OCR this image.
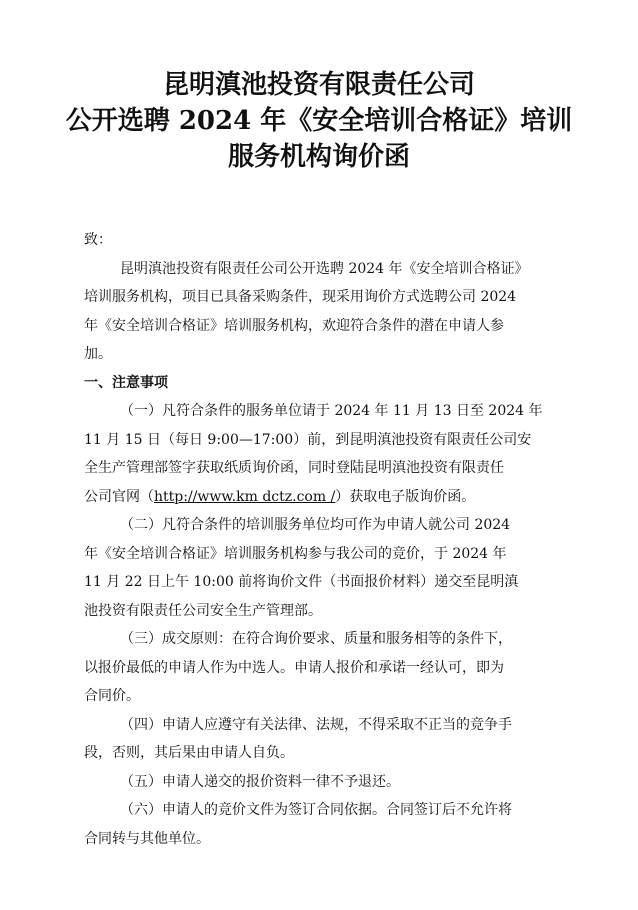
昆明滇池投资有限责任公司
公开选聘 2024 年《安全培训合格证》培训
服务机构询价函
致：
昆明滇池投资有限责任公司公开选聘 2024 年《安全培训合格证》
培训服务机构，项目已具备采购条件，现采用询价方式选聘公司 2024
年《安全培训合格证》培训服务机构，欢迎符合条件的潜在申请人参
加。
一、注意事项
（一）凡符合条件的服务单位请于 2024 年 11 月 13 日至 2024 年
11 月 15 日（每日 9:00—17:00）前，到昆明滇池投资有限责任公司安
全生产管理部签字获取纸质询价函，同时登陆昆明滇池投资有限责任
公司官网（http://www.km dctz.com /）获取电子版询价函。
（二）凡符合条件的培训服务单位均可作为申请人就公司 2024
年《安全培训合格证》培训服务机构参与我公司的竞价，于 2024 年
11 月 22 日上午 10:00 前将询价文件（书面报价材料）递交至昆明滇
池投资有限责任公司安全生产管理部。
（三）成交原则：在符合询价要求、质量和服务相等的条件下，
以报价最低的申请人作为中选人。申请人报价和承诺一经认可，即为
合同价。
（四）申请人应遵守有关法律、法规，不得采取不正当的竞争手
段，否则，其后果由申请人自负。
（五）申请人递交的报价资料一律不予退还。
（六）申请人的竞价文件为签订合同依据。合同签订后不允许将
合同转与其他单位。
